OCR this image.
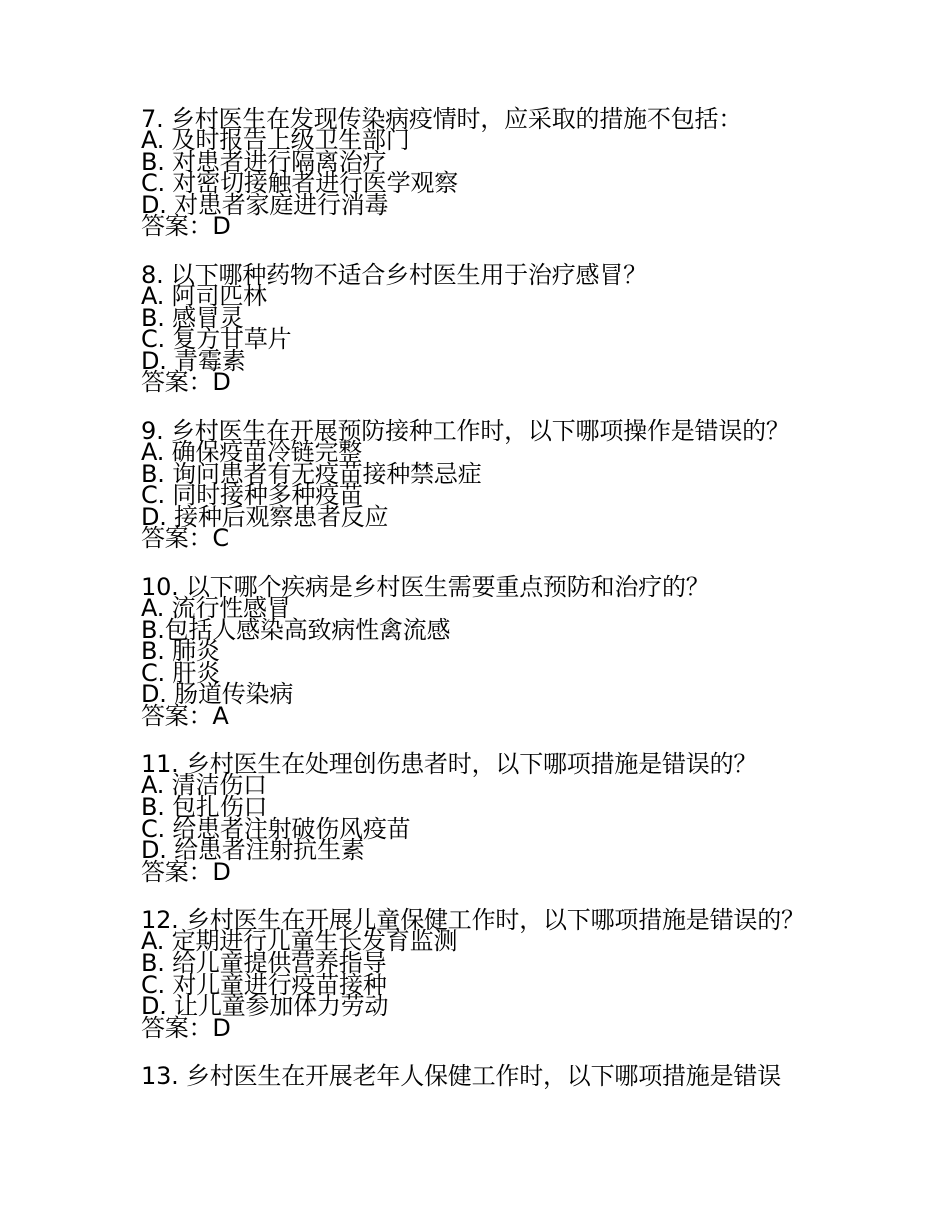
7. 乡村医生在发现传染病疫情时，应采取的措施不包括：
A. 及时报告上级卫生部门
B. 对患者进行隔离治疗
C. 对密切接触者进行医学观察
D. 对患者家庭进行消毒
答案：D
8. 以下哪种药物不适合乡村医生用于治疗感冒？
A. 阿司匹林
B. 感冒灵
C. 复方甘草片
D. 青霉素
答案：D
9. 乡村医生在开展预防接种工作时，以下哪项操作是错误的？
A. 确保疫苗冷链完整
B. 询问患者有无疫苗接种禁忌症
C. 同时接种多种疫苗
D. 接种后观察患者反应
答案：C
10. 以下哪个疾病是乡村医生需要重点预防和治疗的？
A. 流行性感冒
B.包括人感染高致病性禽流感
B. 肺炎
C. 肝炎
D. 肠道传染病
答案：A
11. 乡村医生在处理创伤患者时，以下哪项措施是错误的？
A. 清洁伤口
B. 包扎伤口
C. 给患者注射破伤风疫苗
D. 给患者注射抗生素
答案：D
12. 乡村医生在开展儿童保健工作时，以下哪项措施是错误的？
A. 定期进行儿童生长发育监测
B. 给儿童提供营养指导
C. 对儿童进行疫苗接种
D. 让儿童参加体力劳动
答案：D
13. 乡村医生在开展老年人保健工作时，以下哪项措施是错误
